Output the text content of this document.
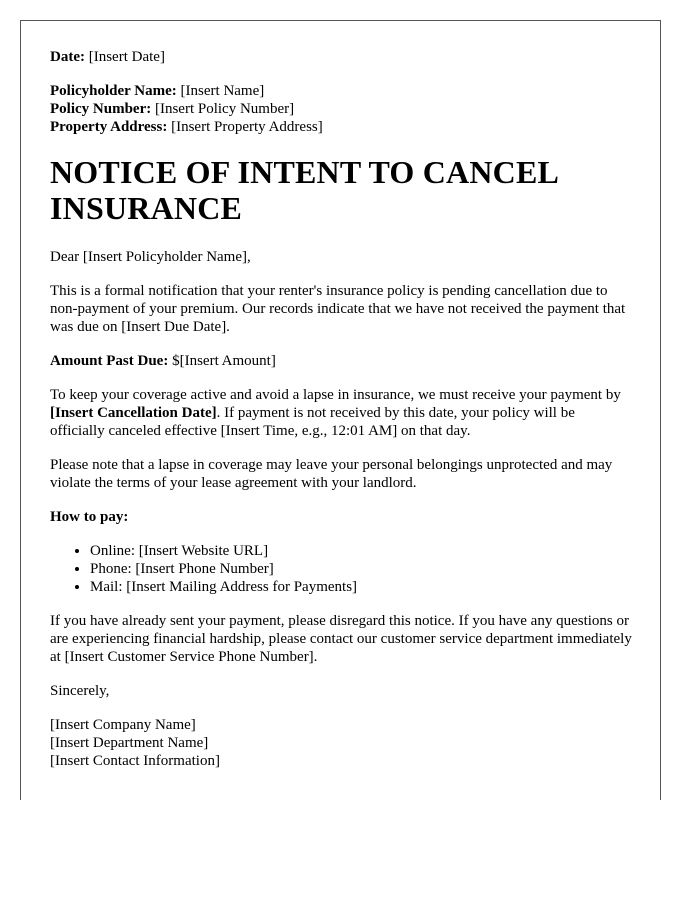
Date: [Insert Date]

Policyholder Name: [Insert Name]

Policy Number: [Insert Policy Number]

Property Address: [Insert Property Address]

NOTICE OF INTENT TO CANCEL
INSURANCE

Dear [Insert Policyholder Name],

This is a formal notification that your renter's insurance policy is pending cancellation due to non-payment of your premium. Our records indicate that we have not received the payment that was due on [Insert Due Date].

Amount Past Due: $[Insert Amount]

To keep your coverage active and avoid a lapse in insurance, we must receive your payment by [Insert Cancellation Date]. If payment is not received by this date, your policy will be officially canceled effective [Insert Time, e.g., 12:01 AM] on that day.

Please note that a lapse in coverage may leave your personal belongings unprotected and may violate the terms of your lease agreement with your landlord.

How to pay:

• Online: [Insert Website URL]
• Phone: [Insert Phone Number]
• Mail: [Insert Mailing Address for Payments]

If you have already sent your payment, please disregard this notice. If you have any questions or are experiencing financial hardship, please contact our customer service department immediately at [Insert Customer Service Phone Number].

Sincerely,

[Insert Company Name]

[Insert Department Name]

[Insert Contact Information]
